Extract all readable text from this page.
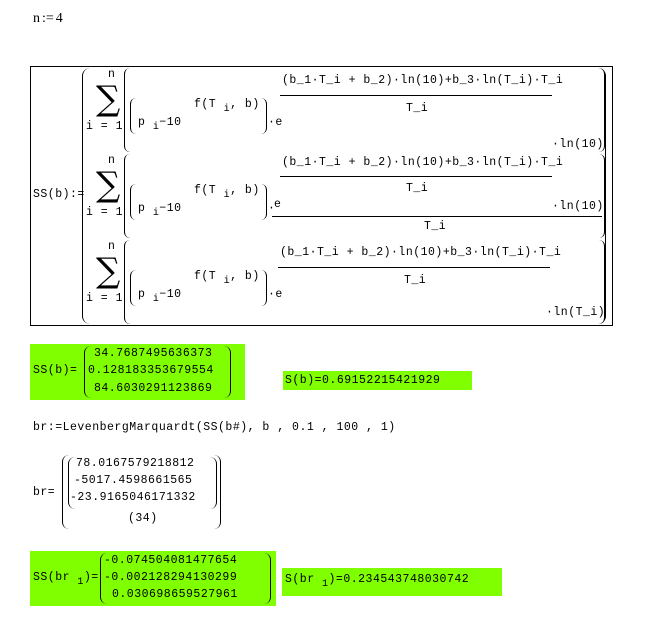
n := 4
SS(b):=
n
∑
i = 1 p i−10
f(T i, b)
·e
(b_1·T_i + b_2)·ln(10)+b_3·ln(T_i)·T_i
T_i
·ln(10)
n
∑
i = 1 p i−10
f(T i, b)
·
e
(b_1·T_i + b_2)·ln(10)+b_3·ln(T_i)·T_i
T_i
·ln(10)
T_i
n
∑
i = 1 p i−10
f(T i, b)
·e
(b_1·T_i + b_2)·ln(10)+b_3·ln(T_i)·T_i
T_i
·ln(T_i)
SS(b)=
34.7687495636373
0.128183353679554
84.6030291123869
S(b)=0.69152215421929
br:=LevenbergMarquardt(SS(b#), b , 0.1 , 100 , 1)
br=
78.0167579218812
-5017.4598661565
-23.9165046171332
(34)
SS(br 1)=
-0.074504081477654
-0.002128294130299
0.030698659527961
S(br 1)=0.234543748030742
